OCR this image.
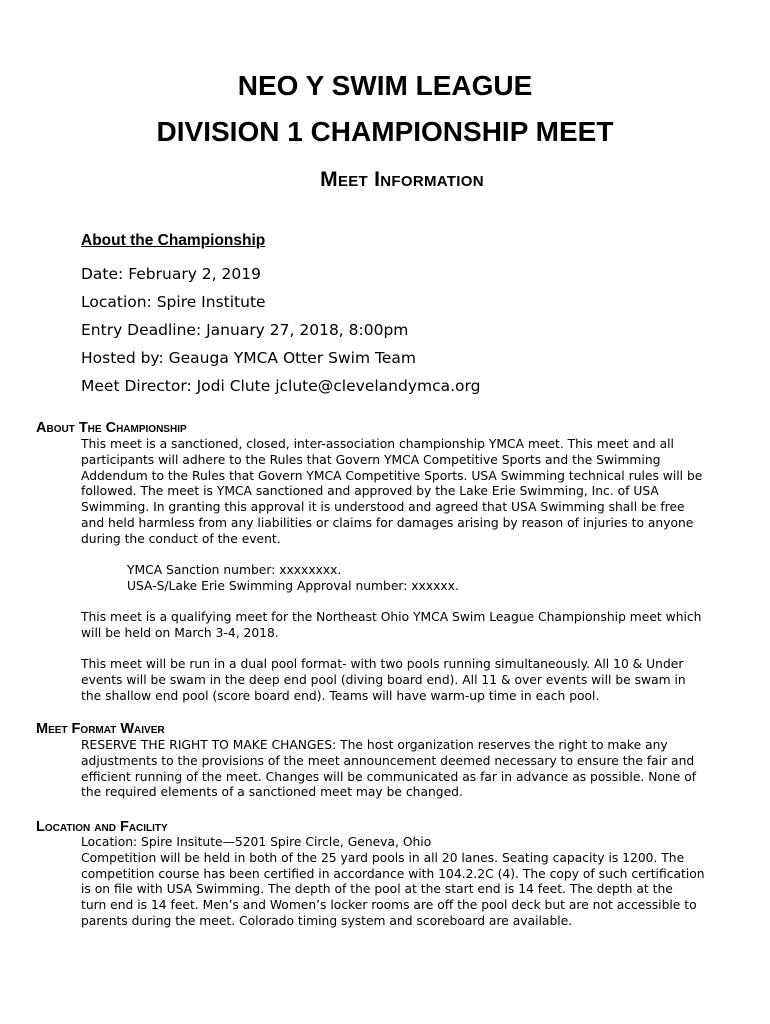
NEO Y SWIM LEAGUE
DIVISION 1 CHAMPIONSHIP MEET
Meet Information
About the Championship
Date: February 2, 2019
Location: Spire Institute
Entry Deadline: January 27, 2018, 8:00pm
Hosted by: Geauga YMCA Otter Swim Team
Meet Director: Jodi Clute jclute@clevelandymca.org
About The Championship
This meet is a sanctioned, closed, inter-association championship YMCA meet. This meet and all
participants will adhere to the Rules that Govern YMCA Competitive Sports and the Swimming
Addendum to the Rules that Govern YMCA Competitive Sports. USA Swimming technical rules will be
followed. The meet is YMCA sanctioned and approved by the Lake Erie Swimming, Inc. of USA
Swimming. In granting this approval it is understood and agreed that USA Swimming shall be free
and held harmless from any liabilities or claims for damages arising by reason of injuries to anyone
during the conduct of the event.
YMCA Sanction number: xxxxxxxx.
USA-S/Lake Erie Swimming Approval number: xxxxxx.
This meet is a qualifying meet for the Northeast Ohio YMCA Swim League Championship meet which
will be held on March 3-4, 2018.
This meet will be run in a dual pool format- with two pools running simultaneously. All 10 & Under
events will be swam in the deep end pool (diving board end). All 11 & over events will be swam in
the shallow end pool (score board end). Teams will have warm-up time in each pool.
Meet Format Waiver
RESERVE THE RIGHT TO MAKE CHANGES: The host organization reserves the right to make any
adjustments to the provisions of the meet announcement deemed necessary to ensure the fair and
efficient running of the meet. Changes will be communicated as far in advance as possible. None of
the required elements of a sanctioned meet may be changed.
Location and Facility
Location: Spire Insitute—5201 Spire Circle, Geneva, Ohio
Competition will be held in both of the 25 yard pools in all 20 lanes. Seating capacity is 1200. The
competition course has been certified in accordance with 104.2.2C (4). The copy of such certification
is on file with USA Swimming. The depth of the pool at the start end is 14 feet. The depth at the
turn end is 14 feet. Men’s and Women’s locker rooms are off the pool deck but are not accessible to
parents during the meet. Colorado timing system and scoreboard are available.
